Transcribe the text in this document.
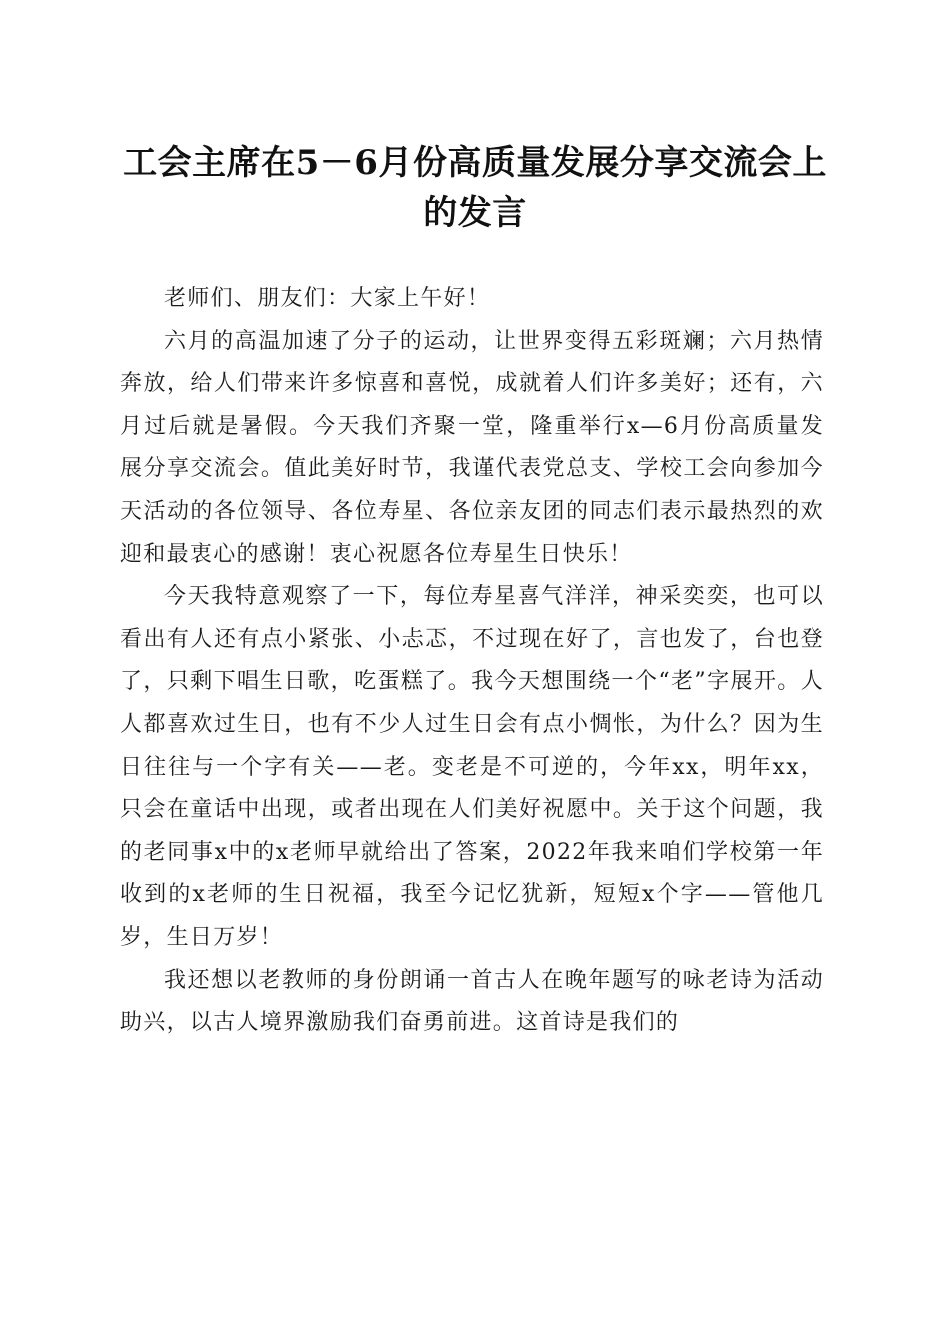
工会主席在5－6月份高质量发展分享交流会上的发言

老师们、朋友们：大家上午好！

六月的高温加速了分子的运动，让世界变得五彩斑斓；六月热情奔放，给人们带来许多惊喜和喜悦，成就着人们许多美好；还有，六月过后就是暑假。今天我们齐聚一堂，隆重举行x—6月份高质量发展分享交流会。值此美好时节，我谨代表党总支、学校工会向参加今天活动的各位领导、各位寿星、各位亲友团的同志们表示最热烈的欢迎和最衷心的感谢！衷心祝愿各位寿星生日快乐！

今天我特意观察了一下，每位寿星喜气洋洋，神采奕奕，也可以看出有人还有点小紧张、小忐忑，不过现在好了，言也发了，台也登了，只剩下唱生日歌，吃蛋糕了。我今天想围绕一个“老”字展开。人人都喜欢过生日，也有不少人过生日会有点小惆怅，为什么？因为生日往往与一个字有关——老。变老是不可逆的，今年xx，明年xx，只会在童话中出现，或者出现在人们美好祝愿中。关于这个问题，我的老同事x中的x老师早就给出了答案，2022年我来咱们学校第一年收到的x老师的生日祝福，我至今记忆犹新，短短x个字——管他几岁，生日万岁！

我还想以老教师的身份朗诵一首古人在晚年题写的咏老诗为活动助兴，以古人境界激励我们奋勇前进。这首诗是我们的
